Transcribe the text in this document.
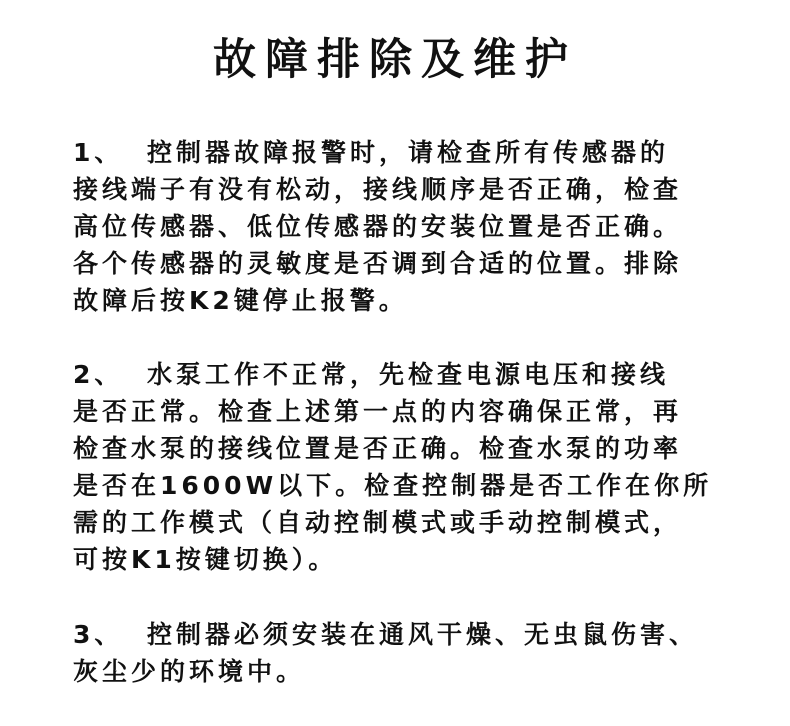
故障排除及维护
1、 控制器故障报警时，请检查所有传感器的
接线端子有没有松动，接线顺序是否正确，检查
高位传感器、低位传感器的安装位置是否正确。
各个传感器的灵敏度是否调到合适的位置。排除
故障后按K2键停止报警。
2、 水泵工作不正常，先检查电源电压和接线
是否正常。检查上述第一点的内容确保正常，再
检查水泵的接线位置是否正确。检查水泵的功率
是否在1600W以下。检查控制器是否工作在你所
需的工作模式（自动控制模式或手动控制模式，
可按K1按键切换）。
3、 控制器必须安装在通风干燥、无虫鼠伤害、
灰尘少的环境中。
